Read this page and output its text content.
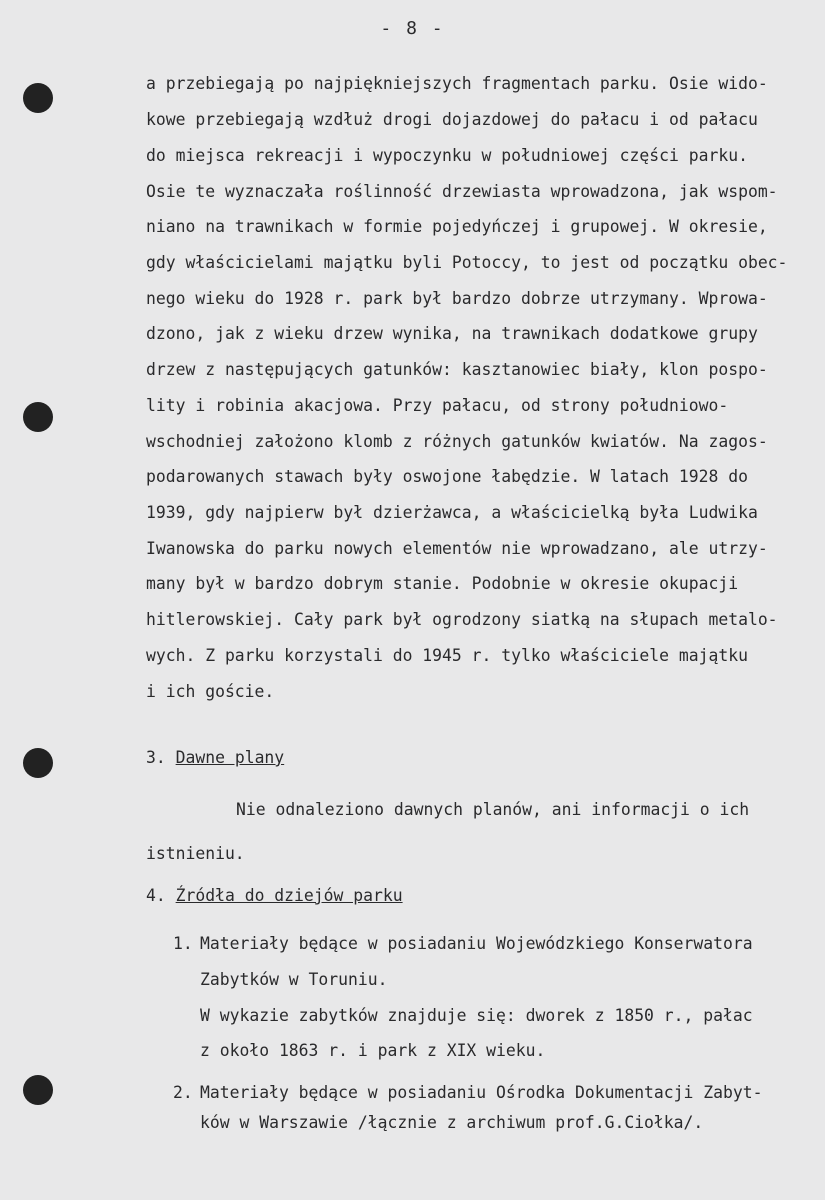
- 8 -
a przebiegają po najpiękniejszych fragmentach parku. Osie wido-
kowe przebiegają wzdłuż drogi dojazdowej do pałacu i od pałacu
do miejsca rekreacji i wypoczynku w południowej części parku.
Osie te wyznaczała roślinność drzewiasta wprowadzona, jak wspom-
niano na trawnikach w formie pojedyńczej i grupowej. W okresie,
gdy właścicielami majątku byli Potoccy, to jest od początku obec-
nego wieku do 1928 r. park był bardzo dobrze utrzymany. Wprowa-
dzono, jak z wieku drzew wynika, na trawnikach dodatkowe grupy
drzew z następujących gatunków: kasztanowiec biały, klon pospo-
lity i robinia akacjowa. Przy pałacu, od strony południowo-
wschodniej założono klomb z różnych gatunków kwiatów. Na zagos-
podarowanych stawach były oswojone łabędzie. W latach 1928 do
1939, gdy najpierw był dzierżawca, a właścicielką była Ludwika
Iwanowska do parku nowych elementów nie wprowadzano, ale utrzy-
many był w bardzo dobrym stanie. Podobnie w okresie okupacji
hitlerowskiej. Cały park był ogrodzony siatką na słupach metalo-
wych. Z parku korzystali do 1945 r. tylko właściciele majątku
i ich goście.
3. Dawne plany
Nie odnaleziono dawnych planów, ani informacji o ich
istnieniu.
4. Źródła do dziejów parku
1. Materiały będące w posiadaniu Wojewódzkiego Konserwatora
Zabytków w Toruniu.
W wykazie zabytków znajduje się: dworek z 1850 r., pałac
z około 1863 r. i park z XIX wieku.
2. Materiały będące w posiadaniu Ośrodka Dokumentacji Zabyt-
ków w Warszawie /łącznie z archiwum prof.G.Ciołka/.
